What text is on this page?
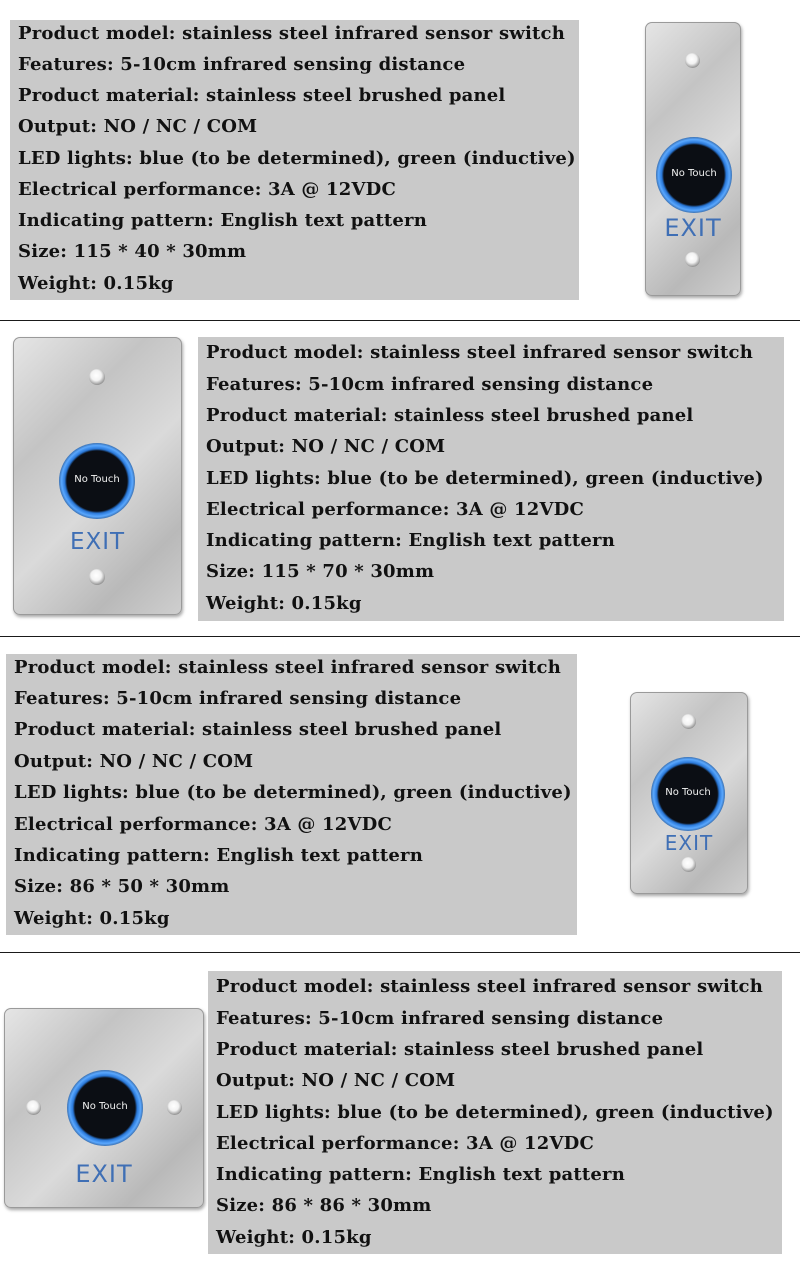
Product model: stainless steel infrared sensor switch
Features: 5-10cm infrared sensing distance
Product material: stainless steel brushed panel
Output: NO / NC / COM
LED lights: blue (to be determined), green (inductive)
Electrical performance: 3A @ 12VDC
Indicating pattern: English text pattern
Size: 115 * 40 * 30mm
Weight: 0.15kg
No Touch
EXIT
No Touch
EXIT
Product model: stainless steel infrared sensor switch
Features: 5-10cm infrared sensing distance
Product material: stainless steel brushed panel
Output: NO / NC / COM
LED lights: blue (to be determined), green (inductive)
Electrical performance: 3A @ 12VDC
Indicating pattern: English text pattern
Size: 115 * 70 * 30mm
Weight: 0.15kg
Product model: stainless steel infrared sensor switch
Features: 5-10cm infrared sensing distance
Product material: stainless steel brushed panel
Output: NO / NC / COM
LED lights: blue (to be determined), green (inductive)
Electrical performance: 3A @ 12VDC
Indicating pattern: English text pattern
Size: 86 * 50 * 30mm
Weight: 0.15kg
No Touch
EXIT
No Touch
EXIT
Product model: stainless steel infrared sensor switch
Features: 5-10cm infrared sensing distance
Product material: stainless steel brushed panel
Output: NO / NC / COM
LED lights: blue (to be determined), green (inductive)
Electrical performance: 3A @ 12VDC
Indicating pattern: English text pattern
Size: 86 * 86 * 30mm
Weight: 0.15kg
